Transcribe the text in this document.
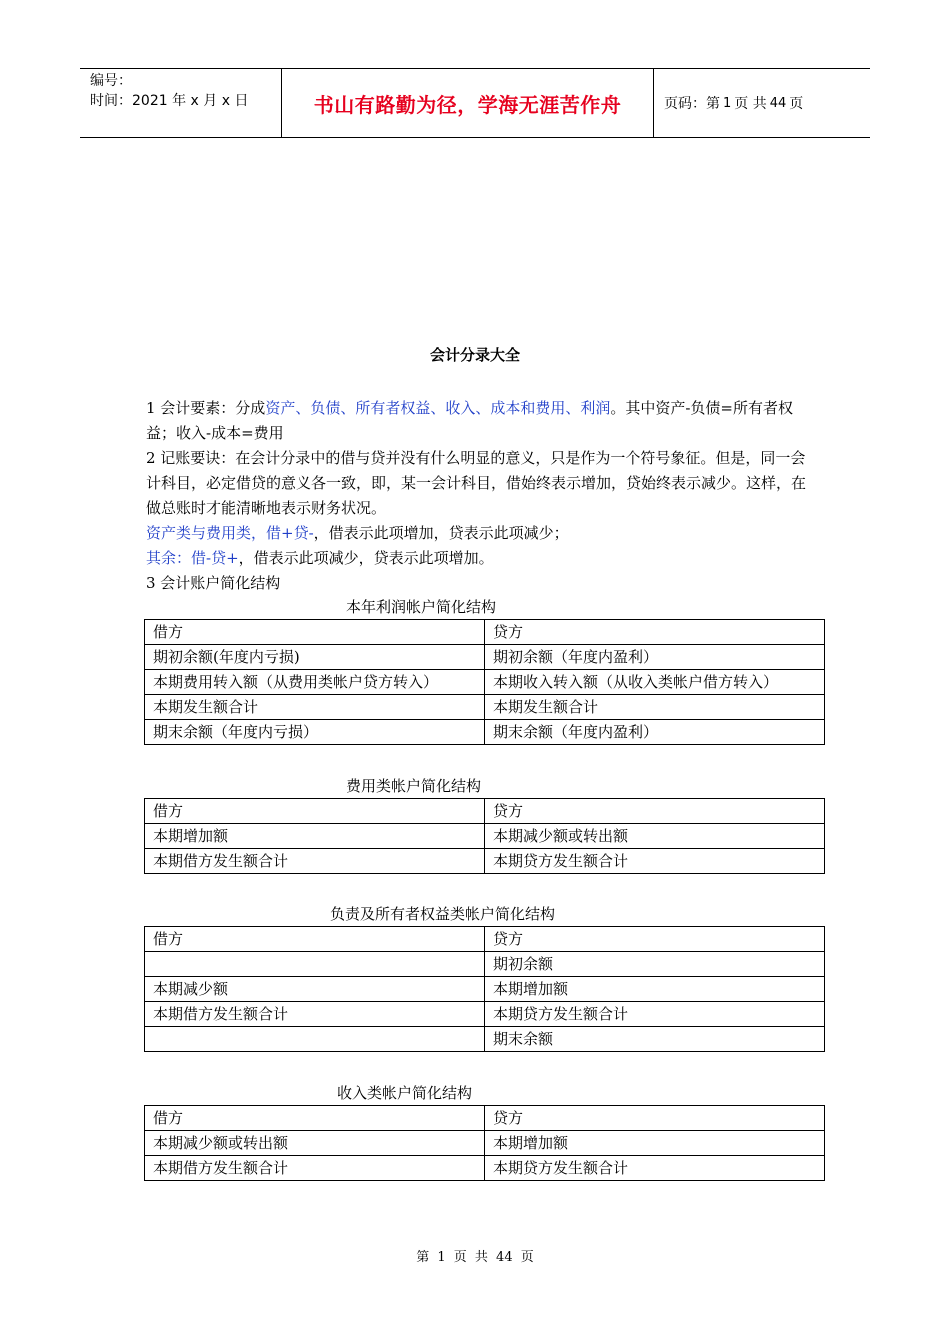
编号：
时间：2021 年 x 月 x 日	书山有路勤为径，学海无涯苦作舟	页码：第 1 页 共 44 页
会计分录大全

1 会计要素：分成资产、负债、所有者权益、收入、成本和费用、利润。其中资产-负债=所有者权益；收入-成本=费用

2 记账要诀：在会计分录中的借与贷并没有什么明显的意义，只是作为一个符号象征。但是，同一会计科目，必定借贷的意义各一致，即，某一会计科目，借始终表示增加，贷始终表示减少。这样，在做总账时才能清晰地表示财务状况。

资产类与费用类，借+贷-，借表示此项增加，贷表示此项减少；

其余：借-贷+，借表示此项减少，贷表示此项增加。

3 会计账户简化结构

本年利润帐户简化结构
借方	贷方
期初余额(年度内亏损)	期初余额（年度内盈利）
本期费用转入额（从费用类帐户贷方转入）	本期收入转入额（从收入类帐户借方转入）
本期发生额合计	本期发生额合计
期末余额（年度内亏损）	期末余额（年度内盈利）
费用类帐户简化结构
借方	贷方
本期增加额	本期减少额或转出额
本期借方发生额合计	本期贷方发生额合计
负责及所有者权益类帐户简化结构
借方	贷方
	期初余额
本期减少额	本期增加额
本期借方发生额合计	本期贷方发生额合计
	期末余额
收入类帐户简化结构
借方	贷方
本期减少额或转出额	本期增加额
本期借方发生额合计	本期贷方发生额合计
第 1 页 共 44 页
